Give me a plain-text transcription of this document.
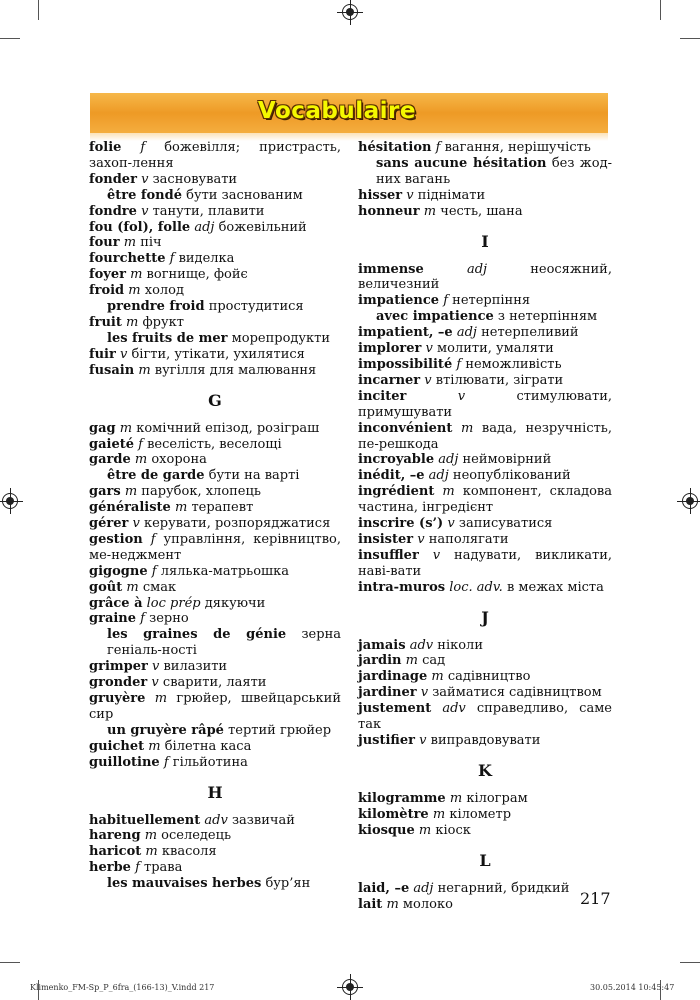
Vocabulaire
folie f божевілля; пристрасть, захоп-лення
fonder v засновувати
être fondé бути заснованим
fondre v танути, плавити
fou (fol), folle adj божевільний
four m піч
fourchette f виделка
foyer m вогнище, фойє
froid m холод
prendre froid простудитися
fruit m фрукт
les fruits de mer морепродукти
fuir v бігти, утікати, ухилятися
fusain m вугілля для малювання
G
gag m комічний епізод, розіграш
gaieté f веселість, веселощі
garde m охорона
être de garde бути на варті
gars m парубок, хлопець
généraliste m терапевт
gérer v керувати, розпоряджатися
gestion f управління, керівництво, ме-неджмент
gigogne f лялька-матрьошка
goût m смак
grâce à loc prép дякуючи
graine f зерно
les graines de génie зерна геніаль-ності
grimper v вилазити
gronder v сварити, лаяти
gruyère m грюйер, швейцарський сир
un gruyère râpé тертий грюйер
guichet m білетна каса
guillotine f гільйотина
H
habituellement adv зазвичай
hareng m оселедець
haricot m квасоля
herbe f трава
les mauvaises herbes бур’ян
hésitation f вагання, нерішучість
sans aucune hésitation без жод-них вагань
hisser v піднімати
honneur m честь, шана
I
immense	adj	неосяжний, величезний
impatience f нетерпіння
avec impatience з нетерпінням
impatient, –e adj нетерпеливий
implorer v молити, умаляти
impossibilité f неможливість
incarner v втілювати, зіграти
inciter	v	стимулювати, примушувати
inconvénient m вада, незручність, пе-решкода
incroyable adj неймовірний
inédit, –e adj неопублікований
ingrédient m компонент, складова частина, інгредієнт
inscrire (s’) v записуватися
insister v наполягати
insuffler v надувати, викликати, наві-вати
intra-muros loc. adv. в межах міста
J
jamais adv ніколи
jardin m сад
jardinage m садівництво
jardiner v займатися садівництвом
justement adv справедливо, саме так
justifier v виправдовувати
K
kilogramme m кілограм
kilomètre m кілометр
kiosque m кіоск
L
laid, –e adj негарний, бридкий
lait m молоко	217
Klimenko_FM-Sp_P_6fra_(166-13)_V.indd 217	30.05.2014 10:45:47
